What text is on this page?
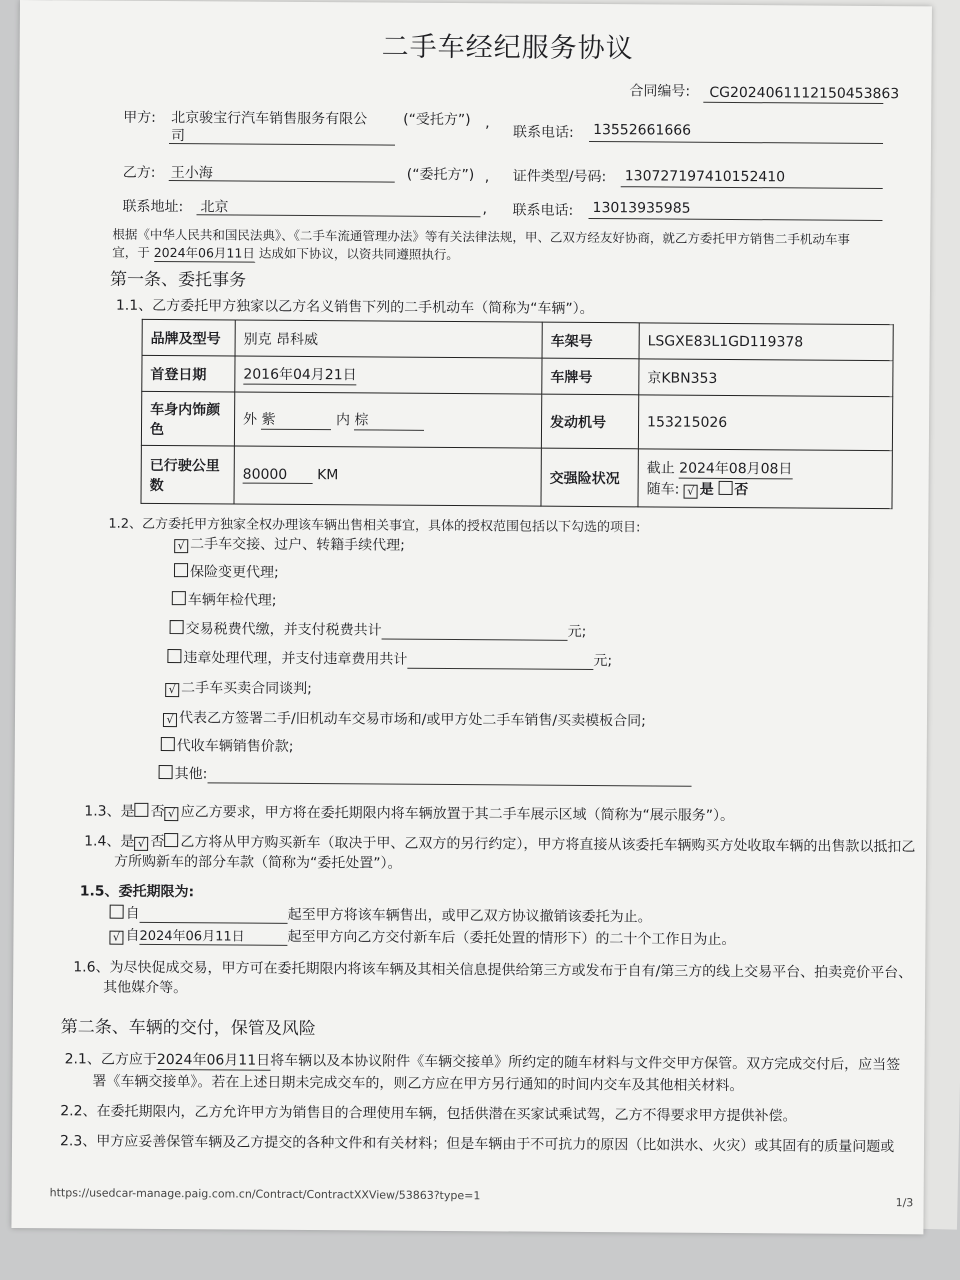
二手车经纪服务协议
合同编号: CG2024061112150453863
甲方: 北京骏宝行汽车销售服务有限公
司
(“受托方”) ,
联系电话: 13552661666
乙方: 王小海	(“委托方”) , 证件类型/号码: 130727197410152410
联系地址: 北京	, 联系电话: 13013935985
根据《中华人民共和国民法典》、《二手车流通管理办法》等有关法律法规，甲、乙双方经友好协商，就乙方委托甲方销售二手机动车事
宜，于 2024年06月11日 达成如下协议，以资共同遵照执行。
第一条、委托事务
1.1、乙方委托甲方独家以乙方名义销售下列的二手机动车（简称为“车辆”）。
品牌及型号	别克 昂科威	车架号	LSGXE83L1GD119378
首登日期	2016年04月21日	车牌号	京KBN353
车身内饰颜色	外 紫 内 棕	发动机号	153215026
已行驶公里数	80000 KM	交强险状况	截止 2024年08月08日
随车: √ 是 否
1.2、乙方委托甲方独家全权办理该车辆出售相关事宜，具体的授权范围包括以下勾选的项目:
√ 二手车交接、过户、转籍手续代理;
保险变更代理;
车辆年检代理;
交易税费代缴，并支付税费共计	元;
违章处理代理，并支付违章费用共计	元;
√ 二手车买卖合同谈判;
√ 代表乙方签署二手/旧机动车交易市场和/或甲方处二手车销售/买卖模板合同;
代收车辆销售价款;
其他:
1.3、是 否 √ 应乙方要求，甲方将在委托期限内将车辆放置于其二手车展示区域（简称为“展示服务”）。
1.4、是 √ 否 乙方将从甲方购买新车（取决于甲、乙双方的另行约定），甲方将直接从该委托车辆购买方处收取车辆的出售款以抵扣乙
方所购新车的部分车款（简称为“委托处置”）。
1.5、委托期限为:
自	起至甲方将该车辆售出，或甲乙双方协议撤销该委托为止。
√ 自2024年06月11日	起至甲方向乙方交付新车后（委托处置的情形下）的二十个工作日为止。
1.6、为尽快促成交易，甲方可在委托期限内将该车辆及其相关信息提供给第三方或发布于自有/第三方的线上交易平台、拍卖竞价平台、
其他媒介等。
第二条、车辆的交付，保管及风险
2.1、乙方应于2024年06月11日将车辆以及本协议附件《车辆交接单》所约定的随车材料与文件交甲方保管。双方完成交付后，应当签
署《车辆交接单》。若在上述日期未完成交车的，则乙方应在甲方另行通知的时间内交车及其他相关材料。
2.2、在委托期限内，乙方允许甲方为销售目的合理使用车辆，包括供潜在买家试乘试驾，乙方不得要求甲方提供补偿。
2.3、甲方应妥善保管车辆及乙方提交的各种文件和有关材料；但是车辆由于不可抗力的原因（比如洪水、火灾）或其固有的质量问题或
https://usedcar-manage.paig.com.cn/Contract/ContractXXView/53863?type=1
1/3
